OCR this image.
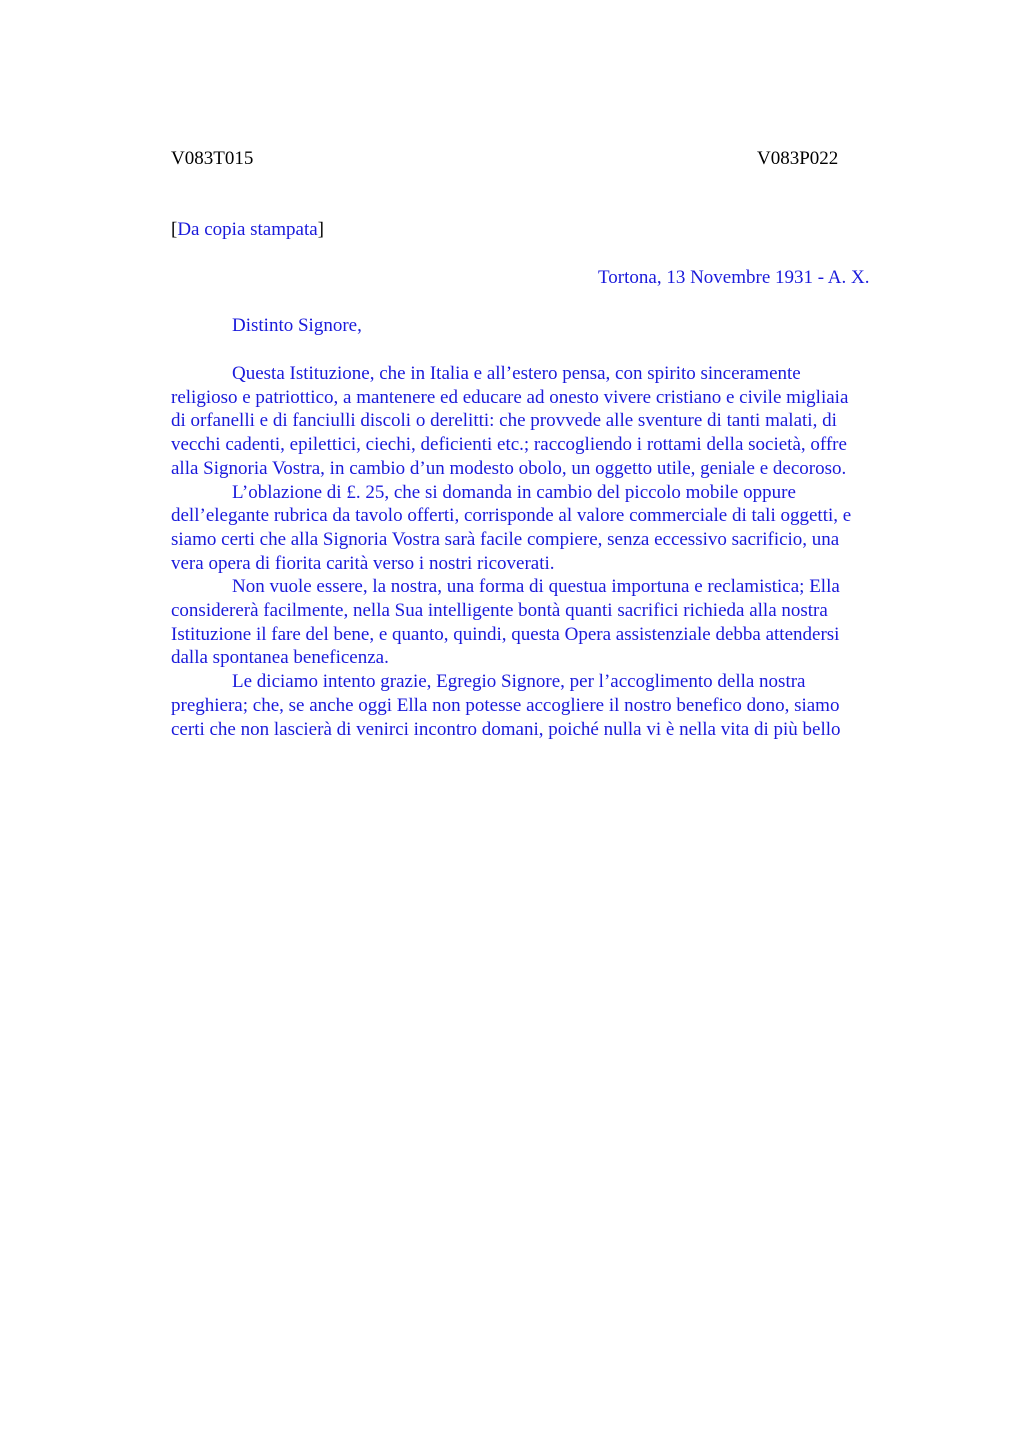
V083T015	V083P022
[Da copia stampata]
Tortona, 13 Novembre 1931 - A. X.
Distinto Signore,
Questa Istituzione, che in Italia e all’estero pensa, con spirito sinceramente
religioso e patriottico, a mantenere ed educare ad onesto vivere cristiano e civile migliaia
di orfanelli e di fanciulli discoli o derelitti: che provvede alle sventure di tanti malati, di
vecchi cadenti, epilettici, ciechi, deficienti etc.; raccogliendo i rottami della società, offre
alla Signoria Vostra, in cambio d’un modesto obolo, un oggetto utile, geniale e decoroso.
L’oblazione di £. 25, che si domanda in cambio del piccolo mobile oppure
dell’elegante rubrica da tavolo offerti, corrisponde al valore commerciale di tali oggetti, e
siamo certi che alla Signoria Vostra sarà facile compiere, senza eccessivo sacrificio, una
vera opera di fiorita carità verso i nostri ricoverati.
Non vuole essere, la nostra, una forma di questua importuna e reclamistica; Ella
considererà facilmente, nella Sua intelligente bontà quanti sacrifici richieda alla nostra
Istituzione il fare del bene, e quanto, quindi, questa Opera assistenziale debba attendersi
dalla spontanea beneficenza.
Le diciamo intento grazie, Egregio Signore, per l’accoglimento della nostra
preghiera; che, se anche oggi Ella non potesse accogliere il nostro benefico dono, siamo
certi che non lascierà di venirci incontro domani, poiché nulla vi è nella vita di più bello
